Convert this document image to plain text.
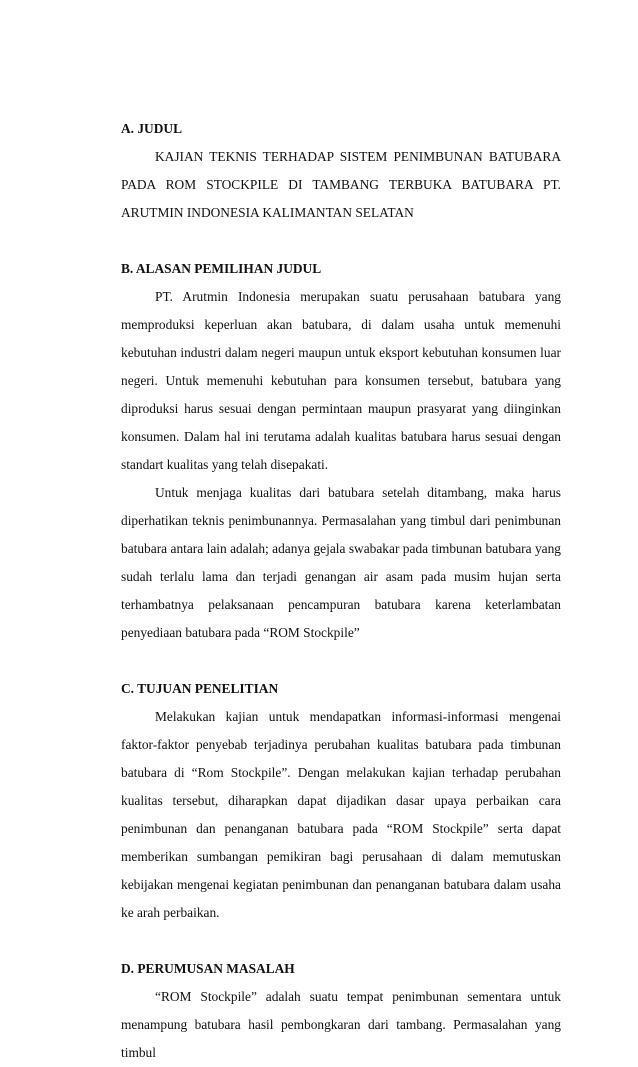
A. JUDUL

KAJIAN TEKNIS TERHADAP SISTEM PENIMBUNAN BATUBARA PADA ROM STOCKPILE DI TAMBANG TERBUKA BATUBARA PT. ARUTMIN INDONESIA KALIMANTAN SELATAN

B. ALASAN PEMILIHAN JUDUL

PT. Arutmin Indonesia merupakan suatu perusahaan batubara yang memproduksi keperluan akan batubara, di dalam usaha untuk memenuhi kebutuhan industri dalam negeri maupun untuk eksport kebutuhan konsumen luar negeri. Untuk memenuhi kebutuhan para konsumen tersebut, batubara yang diproduksi harus sesuai dengan permintaan maupun prasyarat yang diinginkan konsumen. Dalam hal ini terutama adalah kualitas batubara harus sesuai dengan standart kualitas yang telah disepakati.

Untuk menjaga kualitas dari batubara setelah ditambang, maka harus diperhatikan teknis penimbunannya. Permasalahan yang timbul dari penimbunan batubara antara lain adalah; adanya gejala swabakar pada timbunan batubara yang sudah terlalu lama dan terjadi genangan air asam pada musim hujan serta terhambatnya pelaksanaan pencampuran batubara karena keterlambatan penyediaan batubara pada “ROM Stockpile”

C. TUJUAN PENELITIAN

Melakukan kajian untuk mendapatkan informasi-informasi mengenai faktor-faktor penyebab terjadinya perubahan kualitas batubara pada timbunan batubara di “Rom Stockpile”. Dengan melakukan kajian terhadap perubahan kualitas tersebut, diharapkan dapat dijadikan dasar upaya perbaikan cara penimbunan dan penanganan batubara pada “ROM Stockpile” serta dapat memberikan sumbangan pemikiran bagi perusahaan di dalam memutuskan kebijakan mengenai kegiatan penimbunan dan penanganan batubara dalam usaha ke arah perbaikan.

D. PERUMUSAN MASALAH

“ROM Stockpile” adalah suatu tempat penimbunan sementara untuk menampung batubara hasil pembongkaran dari tambang. Permasalahan yang timbul
